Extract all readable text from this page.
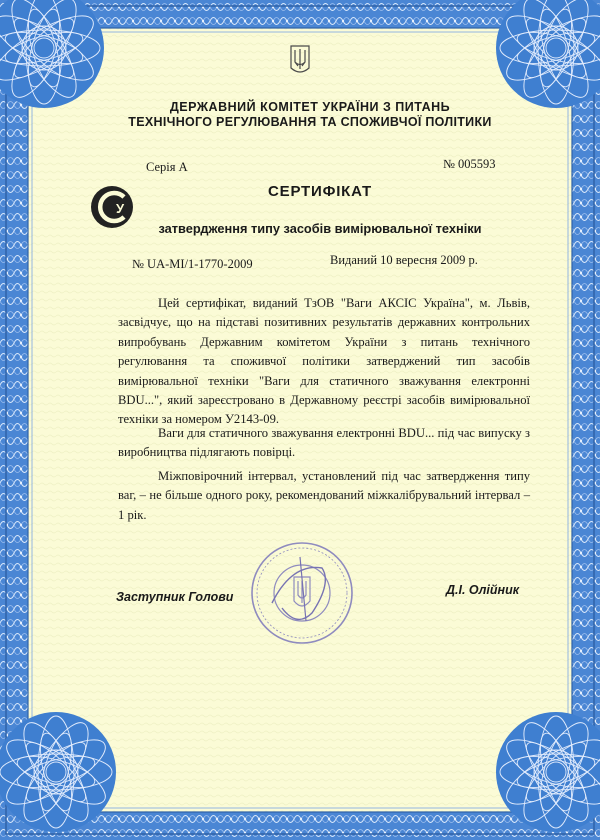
У
ДЕРЖАВНИЙ КОМІТЕТ УКРАЇНИ З ПИТАНЬ
ТЕХНІЧНОГО РЕГУЛЮВАННЯ ТА СПОЖИВЧОЇ ПОЛІТИКИ
Серія А	№ 005593
СЕРТИФІКАТ
затвердження типу засобів вимірювальної техніки
№ UA-MI/1-1770-2009	Виданий 10 вересня 2009 р.
Цей сертифікат, виданий ТзОВ "Ваги АКСІС Україна", м. Львів, засвідчує, що на підставі позитивних результатів державних контрольних випробувань Державним комітетом України з питань технічного регулювання та споживчої політики затверджений тип засобів вимірювальної техніки "Ваги для статичного зважування електронні BDU...", який зареєстровано в Державному реєстрі засобів вимірювальної техніки за номером У2143-09.
Ваги для статичного зважування електронні BDU... під час випуску з виробництва підлягають повірці.
Міжповірочний інтервал, установлений під час затвердження типу ваг, – не більше одного року, рекомендований міжкалібрувальний інтервал – 1 рік.
Заступник Голови	Д.І. Олійник
